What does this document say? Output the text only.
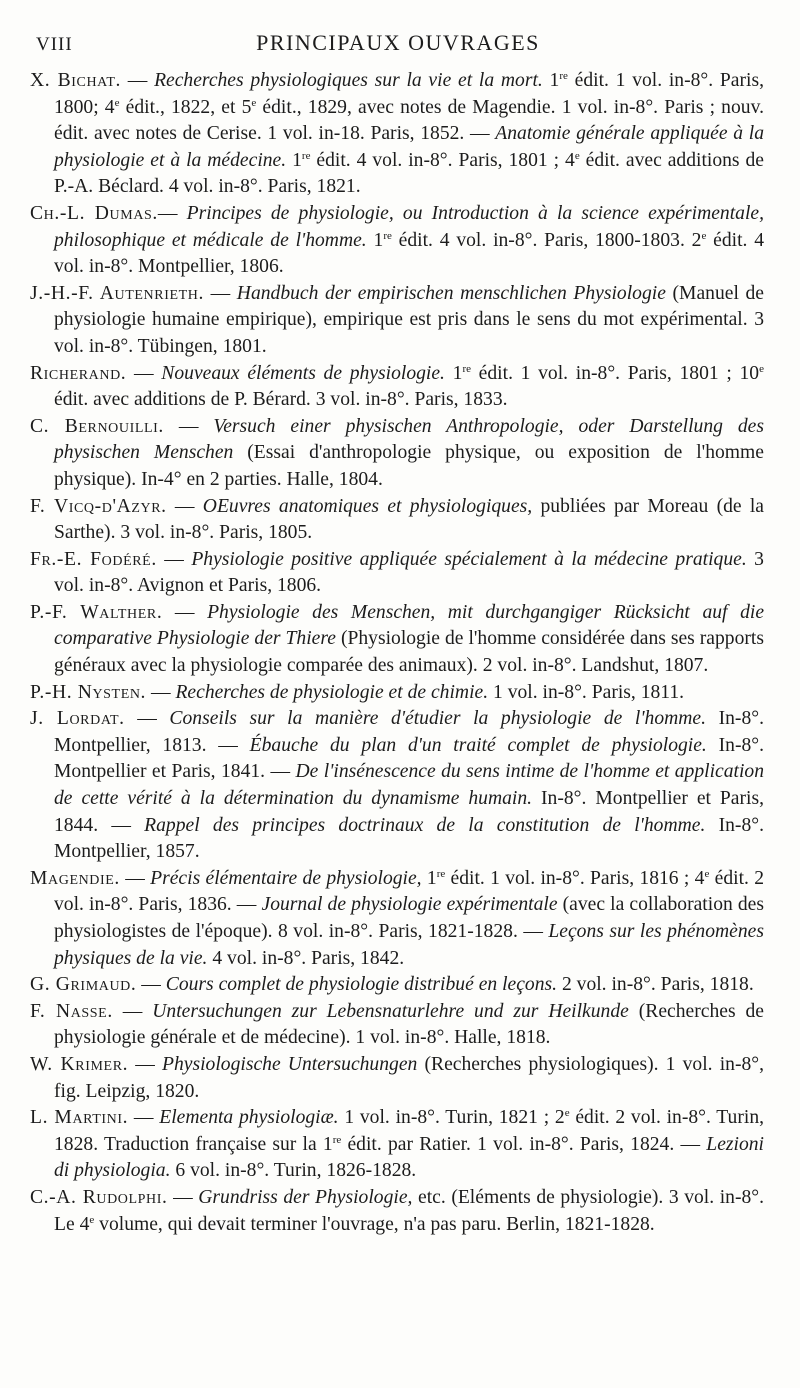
VIII	PRINCIPAUX OUVRAGES
X. Bichat. — Recherches physiologiques sur la vie et la mort. 1re édit. 1 vol. in-8°. Paris, 1800; 4e édit., 1822, et 5e édit., 1829, avec notes de Magendie. 1 vol. in-8°. Paris ; nouv. édit. avec notes de Cerise. 1 vol. in-18. Paris, 1852. — Anatomie générale appliquée à la physiologie et à la médecine. 1re édit. 4 vol. in-8°. Paris, 1801 ; 4e édit. avec additions de P.-A. Béclard. 4 vol. in-8°. Paris, 1821.
Ch.-L. Dumas.— Principes de physiologie, ou Introduction à la science expérimentale, philosophique et médicale de l'homme. 1re édit. 4 vol. in-8°. Paris, 1800-1803. 2e édit. 4 vol. in-8°. Montpellier, 1806.
J.-H.-F. Autenrieth. — Handbuch der empirischen menschlichen Physiologie (Manuel de physiologie humaine empirique), empirique est pris dans le sens du mot expérimental. 3 vol. in-8°. Tübingen, 1801.
Richerand. — Nouveaux éléments de physiologie. 1re édit. 1 vol. in-8°. Paris, 1801 ; 10e édit. avec additions de P. Bérard. 3 vol. in-8°. Paris, 1833.
C. Bernouilli. — Versuch einer physischen Anthropologie, oder Darstellung des physischen Menschen (Essai d'anthropologie physique, ou exposition de l'homme physique). In-4° en 2 parties. Halle, 1804.
F. Vicq-d'Azyr. — OEuvres anatomiques et physiologiques, publiées par Moreau (de la Sarthe). 3 vol. in-8°. Paris, 1805.
Fr.-E. Fodéré. — Physiologie positive appliquée spécialement à la médecine pratique. 3 vol. in-8°. Avignon et Paris, 1806.
P.-F. Walther. — Physiologie des Menschen, mit durchgangiger Rücksicht auf die comparative Physiologie der Thiere (Physiologie de l'homme considérée dans ses rapports généraux avec la physiologie comparée des animaux). 2 vol. in-8°. Landshut, 1807.
P.-H. Nysten. — Recherches de physiologie et de chimie. 1 vol. in-8°. Paris, 1811.
J. Lordat. — Conseils sur la manière d'étudier la physiologie de l'homme. In-8°. Montpellier, 1813. — Ébauche du plan d'un traité complet de physiologie. In-8°. Montpellier et Paris, 1841. — De l'insénescence du sens intime de l'homme et application de cette vérité à la détermination du dynamisme humain. In-8°. Montpellier et Paris, 1844. — Rappel des principes doctrinaux de la constitution de l'homme. In-8°. Montpellier, 1857.
Magendie. — Précis élémentaire de physiologie, 1re édit. 1 vol. in-8°. Paris, 1816 ; 4e édit. 2 vol. in-8°. Paris, 1836. — Journal de physiologie expérimentale (avec la collaboration des physiologistes de l'époque). 8 vol. in-8°. Paris, 1821-1828. — Leçons sur les phénomènes physiques de la vie. 4 vol. in-8°. Paris, 1842.
G. Grimaud. — Cours complet de physiologie distribué en leçons. 2 vol. in-8°. Paris, 1818.
F. Nasse. — Untersuchungen zur Lebensnaturlehre und zur Heilkunde (Recherches de physiologie générale et de médecine). 1 vol. in-8°. Halle, 1818.
W. Krimer. — Physiologische Untersuchungen (Recherches physiologiques). 1 vol. in-8°, fig. Leipzig, 1820.
L. Martini. — Elementa physiologiæ. 1 vol. in-8°. Turin, 1821 ; 2e édit. 2 vol. in-8°. Turin, 1828. Traduction française sur la 1re édit. par Ratier. 1 vol. in-8°. Paris, 1824. — Lezioni di physiologia. 6 vol. in-8°. Turin, 1826-1828.
C.-A. Rudolphi. — Grundriss der Physiologie, etc. (Eléments de physiologie). 3 vol. in-8°. Le 4e volume, qui devait terminer l'ouvrage, n'a pas paru. Berlin, 1821-1828.
